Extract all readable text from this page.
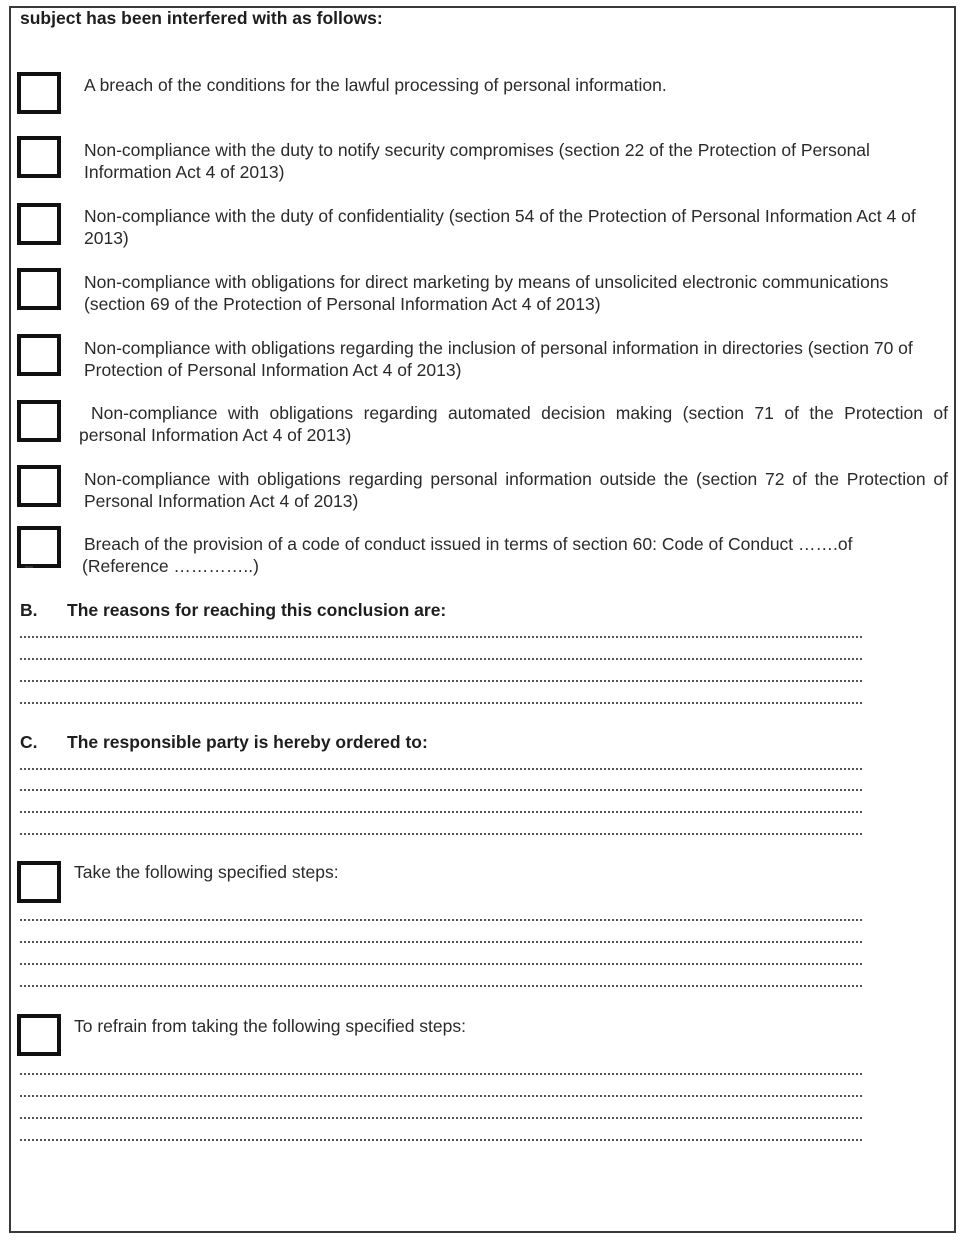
subject has been interfered with as follows:
A breach of the conditions for the lawful processing of personal information.
Non-compliance with the duty to notify security compromises (section 22 of the Protection of Personal Information Act 4 of 2013)
Non-compliance with the duty of confidentiality (section 54 of the Protection of Personal Information Act 4 of 2013)
Non-compliance with obligations for direct marketing by means of unsolicited electronic communications (section 69 of the Protection of Personal Information Act 4 of 2013)
Non-compliance with obligations regarding the inclusion of personal information in directories (section 70 of Protection of Personal Information Act 4 of 2013)
Non-compliance with obligations regarding automated decision making (section 71 of the Protection of personal Information Act 4 of 2013)
Non-compliance with obligations regarding personal information outside the (section 72 of the Protection of Personal Information Act 4 of 2013)
Breach of the provision of a code of conduct issued in terms of section 60: Code of Conduct …….of (Reference …………..)
B. The reasons for reaching this conclusion are:
C. The responsible party is hereby ordered to:
Take the following specified steps:
To refrain from taking the following specified steps:
